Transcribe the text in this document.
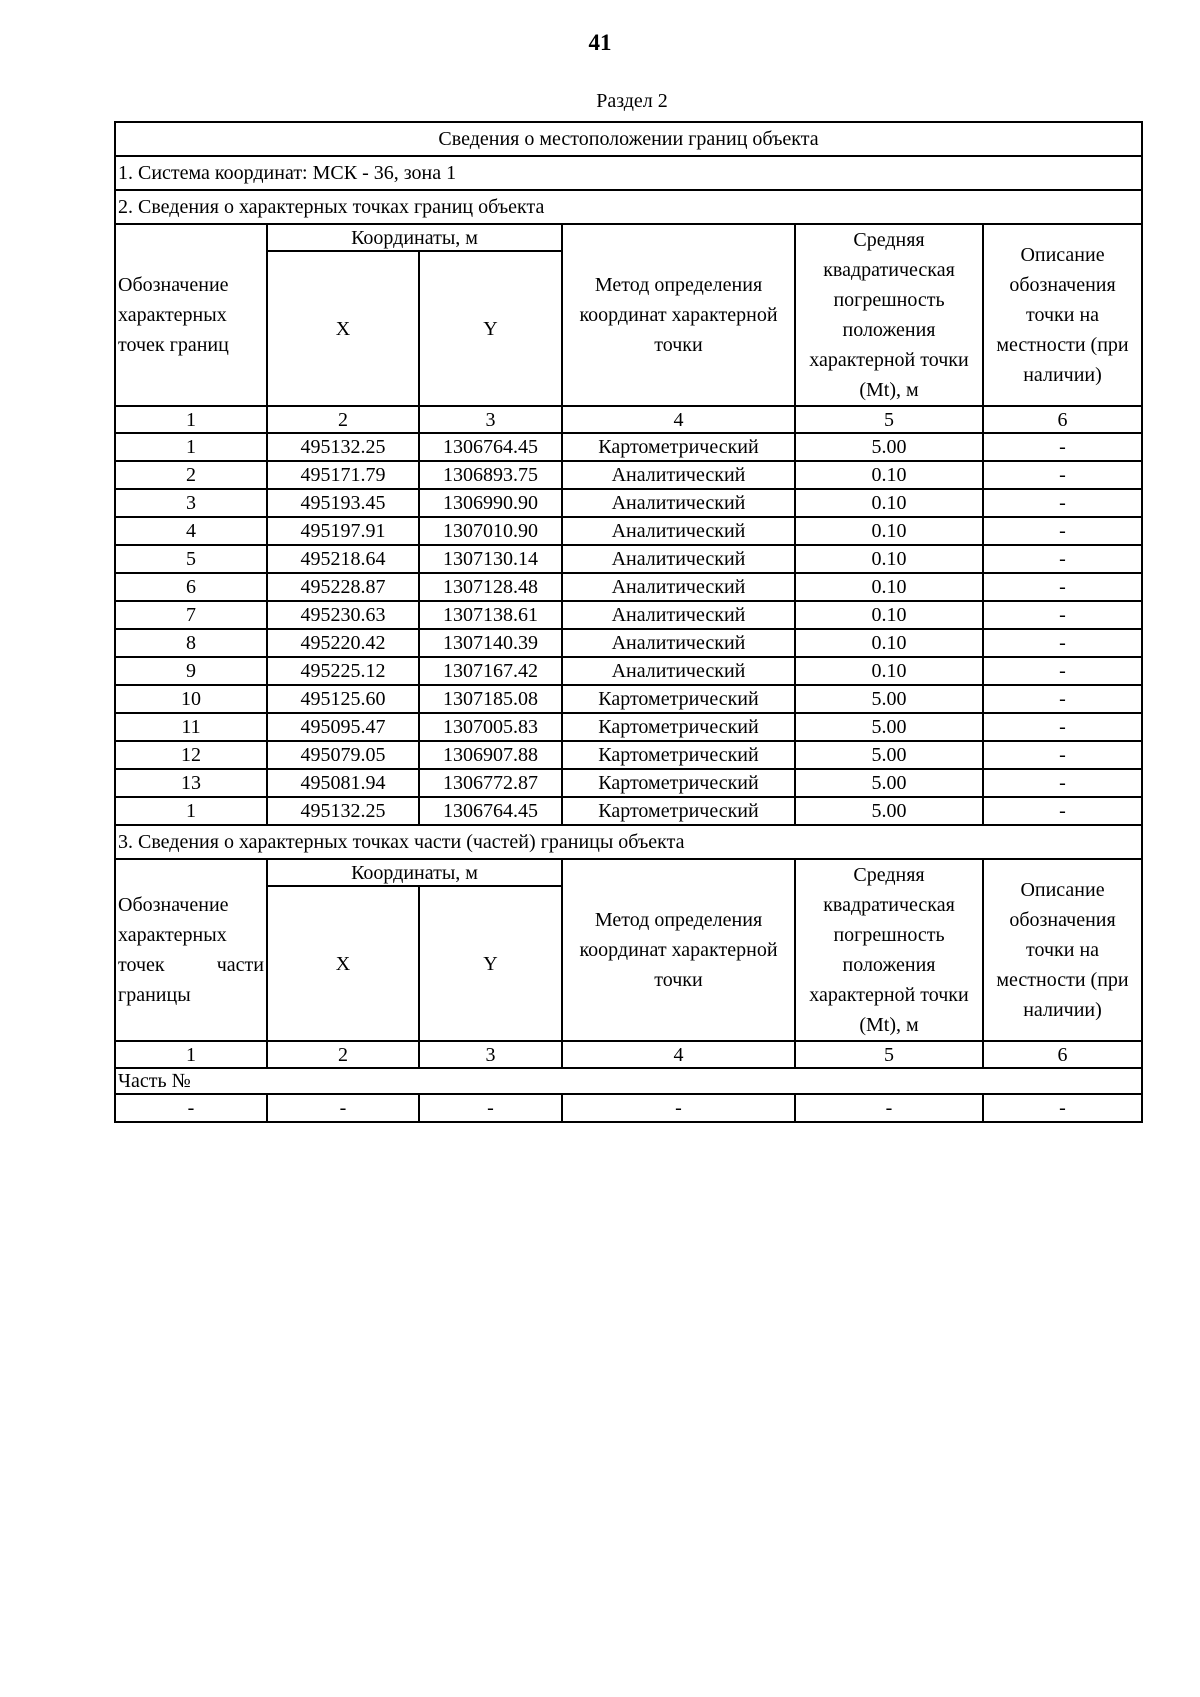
41
Раздел 2
Сведения о местоположении границ объекта					
1. Система координат: МСК - 36, зона 1					
2. Сведения о характерных точках границ объекта					
Обозначение характерных точек границ	Координаты, м		Метод определения координат характерной точки	Средняя квадратическая погрешность положения характерной точки (Mt), м	Описание обозначения точки на местности (при наличии)
	X	Y			
1	2	3	4	5	6
1	495132.25	1306764.45	Картометрический	5.00	-
2	495171.79	1306893.75	Аналитический	0.10	-
3	495193.45	1306990.90	Аналитический	0.10	-
4	495197.91	1307010.90	Аналитический	0.10	-
5	495218.64	1307130.14	Аналитический	0.10	-
6	495228.87	1307128.48	Аналитический	0.10	-
7	495230.63	1307138.61	Аналитический	0.10	-
8	495220.42	1307140.39	Аналитический	0.10	-
9	495225.12	1307167.42	Аналитический	0.10	-
10	495125.60	1307185.08	Картометрический	5.00	-
11	495095.47	1307005.83	Картометрический	5.00	-
12	495079.05	1306907.88	Картометрический	5.00	-
13	495081.94	1306772.87	Картометрический	5.00	-
1	495132.25	1306764.45	Картометрический	5.00	-
3. Сведения о характерных точках части (частей) границы объекта					
Обозначение характерных точек части границы	Координаты, м		Метод определения координат характерной точки	Средняя квадратическая погрешность положения характерной точки (Mt), м	Описание обозначения точки на местности (при наличии)
	X	Y			
1	2	3	4	5	6
Часть №					
-	-	-	-	-	-
